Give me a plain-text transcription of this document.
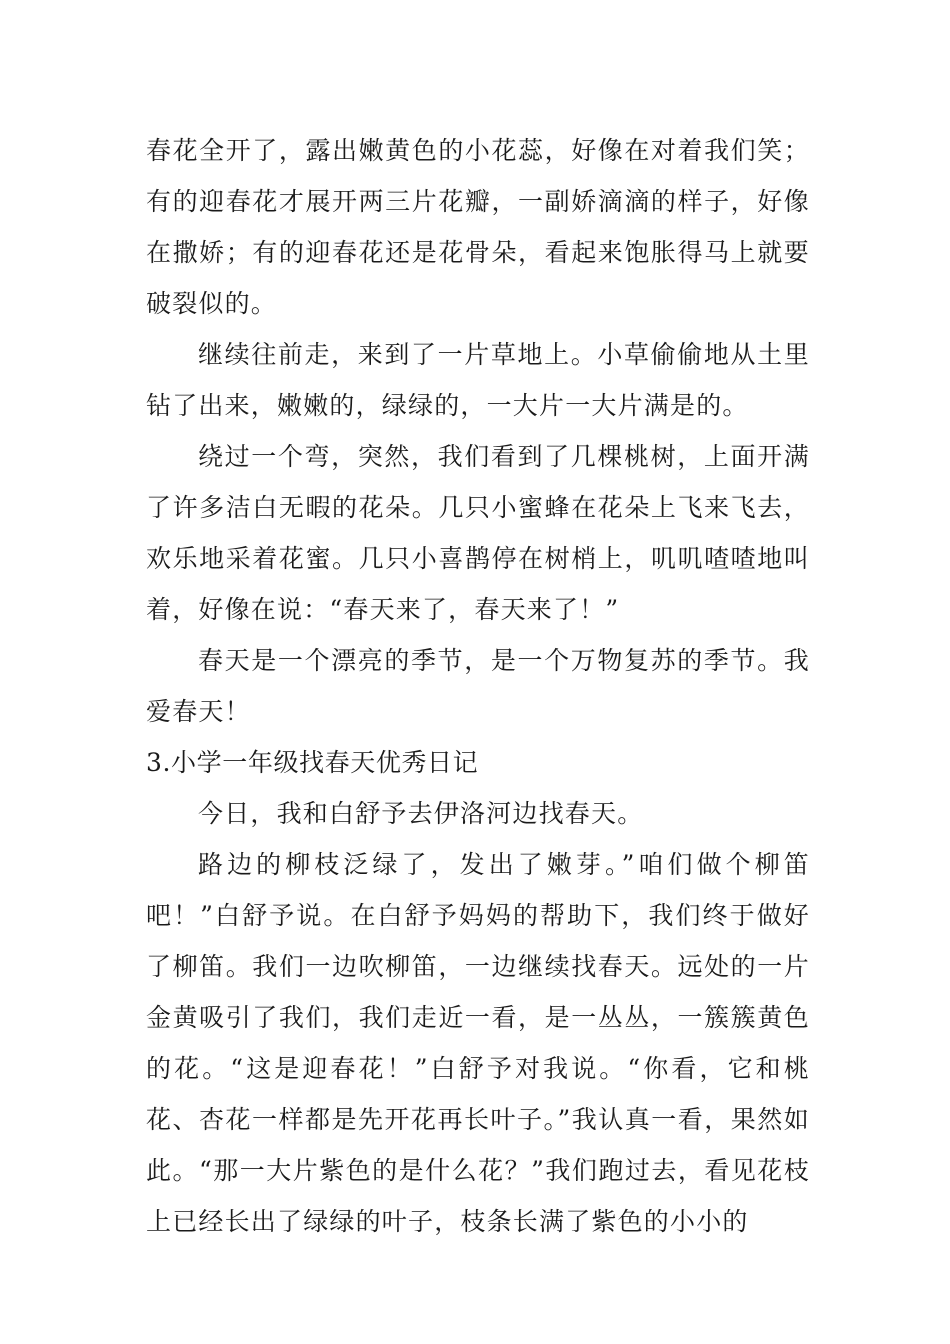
春花全开了，露出嫩黄色的小花蕊，好像在对着我们笑；有的迎春花才展开两三片花瓣，一副娇滴滴的样子，好像在撒娇；有的迎春花还是花骨朵，看起来饱胀得马上就要破裂似的。

继续往前走，来到了一片草地上。小草偷偷地从土里钻了出来，嫩嫩的，绿绿的，一大片一大片满是的。

绕过一个弯，突然，我们看到了几棵桃树，上面开满了许多洁白无暇的花朵。几只小蜜蜂在花朵上飞来飞去，欢乐地采着花蜜。几只小喜鹊停在树梢上，叽叽喳喳地叫着，好像在说：“春天来了，春天来了！”

春天是一个漂亮的季节，是一个万物复苏的季节。我爱春天！

3.小学一年级找春天优秀日记

今日，我和白舒予去伊洛河边找春天。

路边的柳枝泛绿了，发出了嫩芽。”咱们做个柳笛吧！”白舒予说。在白舒予妈妈的帮助下，我们终于做好了柳笛。我们一边吹柳笛，一边继续找春天。远处的一片金黄吸引了我们，我们走近一看，是一丛丛，一簇簇黄色的花。“这是迎春花！”白舒予对我说。“你看，它和桃花、杏花一样都是先开花再长叶子。”我认真一看，果然如此。“那一大片紫色的是什么花？”我们跑过去，看见花枝上已经长出了绿绿的叶子，枝条长满了紫色的小小的
